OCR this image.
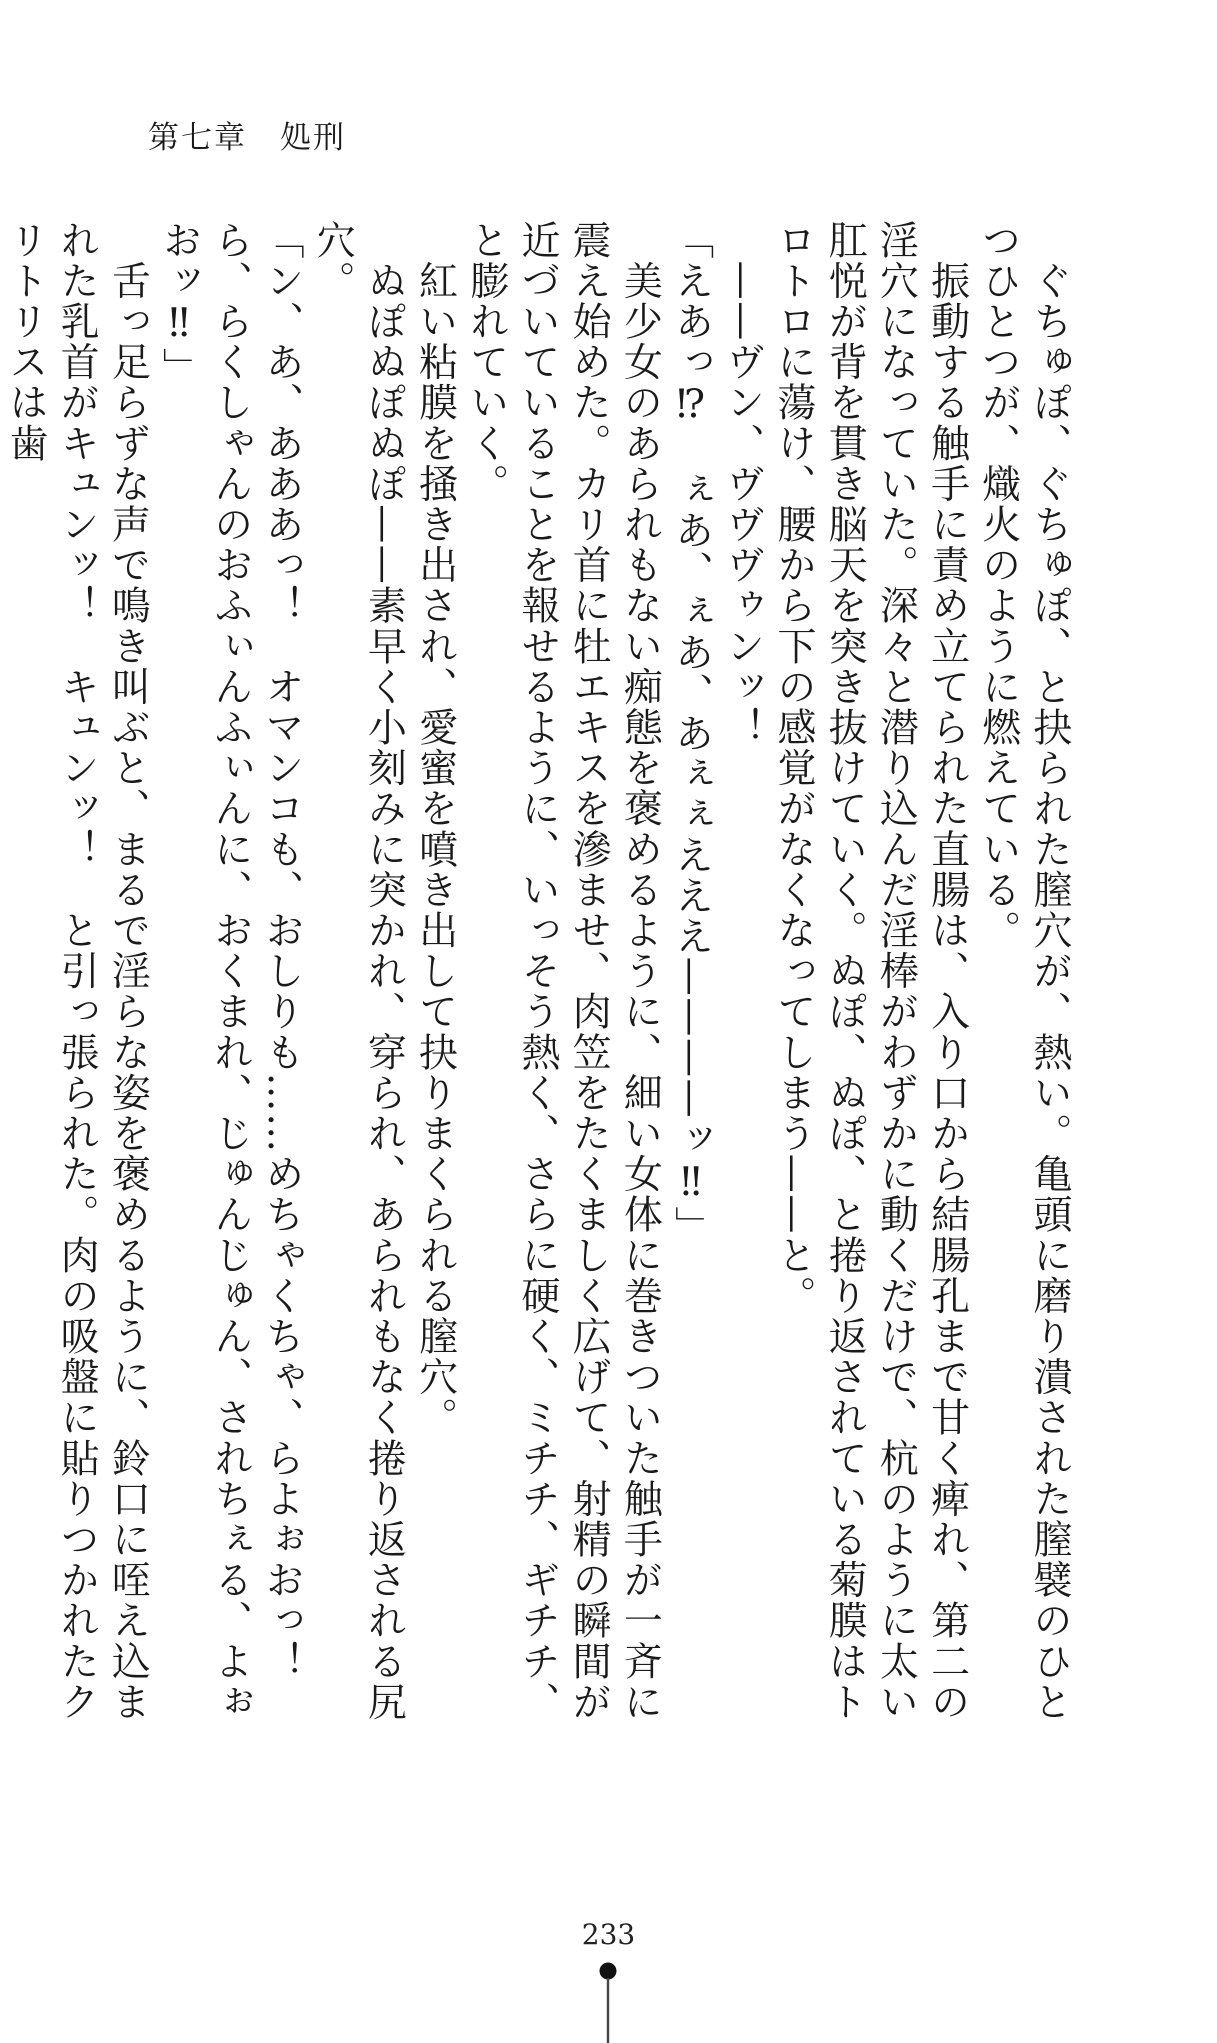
第七章　処刑

　ぐちゅぽ、ぐちゅぽ、と抉られた膣穴が、熱い。亀頭に磨り潰された膣襞のひとつひとつが、熾火のように燃えている。

　振動する触手に責め立てられた直腸は、入り口から結腸孔まで甘く痺れ、第二の淫穴になっていた。深々と潜り込んだ淫棒がわずかに動くだけで、杭のように太い肛悦が背を貫き脳天を突き抜けていく。ぬぽ、ぬぽ、と捲り返されている菊膜はトロトロに蕩け、腰から下の感覚がなくなってしまう——と。

　——ヴン、ヴヴヴゥンッ！

「えあっ⁉　ぇあ、ぇあ、あぇぇえええ————ッ‼」

　美少女のあられもない痴態を褒めるように、細い女体に巻きついた触手が一斉に震え始めた。カリ首に牡エキスを滲ませ、肉笠をたくましく広げて、射精の瞬間が近づいていることを報せるように、いっそう熱く、さらに硬く、ミチチ、ギチチ、と膨れていく。

　紅い粘膜を掻き出され、愛蜜を噴き出して抉りまくられる膣穴。

　ぬぽぬぽぬぽ——素早く小刻みに突かれ、穿られ、あられもなく捲り返される尻穴。

「ン、あ、あああっ！　オマンコも、おしりも……めちゃくちゃ、らよぉおっ！　ら、らくしゃんのおふぃんふぃんに、おくまれ、じゅんじゅん、されちぇる、よぉおッ‼」

　舌っ足らずな声で鳴き叫ぶと、まるで淫らな姿を褒めるように、鈴口に咥え込まれた乳首がキュンッ！　キュンッ！　と引っ張られた。肉の吸盤に貼りつかれたクリトリスは歯

233
